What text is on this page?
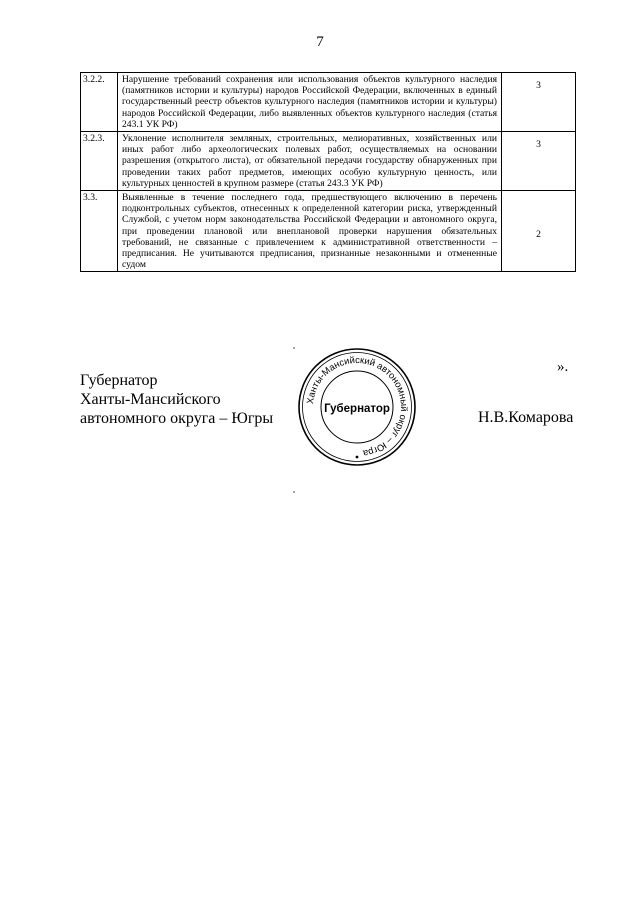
7
3.2.2.	Нарушение требований сохранения или использования объектов культурного наследия (памятников истории и культуры) народов Российской Федерации, включенных в единый государственный реестр объектов культурного наследия (памятников истории и культуры) народов Российской Федерации, либо выявленных объектов культурного наследия (статья 243.1 УК РФ)	3
3.2.3.	Уклонение исполнителя земляных, строительных, мелиоративных, хозяйственных или иных работ либо археологических полевых работ, осуществляемых на основании разрешения (открытого листа), от обязательной передачи государству обнаруженных при проведении таких работ предметов, имеющих особую культурную ценность, или культурных ценностей в крупном размере (статья 243.3 УК РФ)	3
3.3.	Выявленные в течение последнего года, предшествующего включению в перечень подконтрольных субъектов, отнесенных к определенной категории риска, утвержденный Службой, с учетом норм законодательства Российской Федерации и автономного округа, при проведении плановой или внеплановой проверки нарушения обязательных требований, не связанные с привлечением к административной ответственности – предписания. Не учитываются предписания, признанные незаконными и отмененные судом	2
».
Губернатор
Ханты-Мансийского
автономного округа – Югры
Ханты-Мансийский автономный округ – Югра
Губернатор	Н.В.Комарова
